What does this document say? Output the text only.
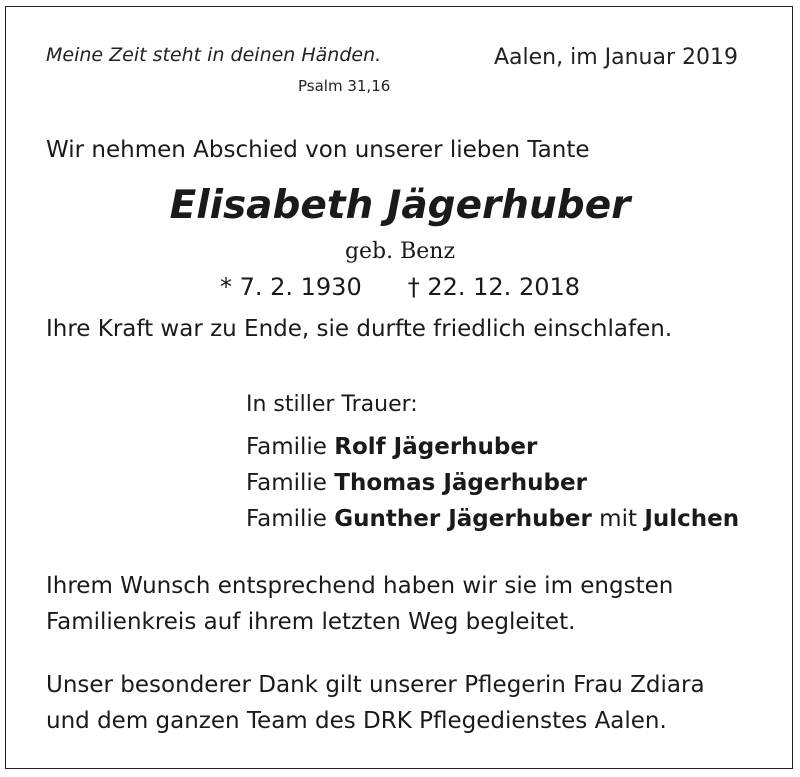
Meine Zeit steht in deinen Händen.
Psalm 31,16
Aalen, im Januar 2019
Wir nehmen Abschied von unserer lieben Tante
Elisabeth Jägerhuber
geb. Benz
* 7. 2. 1930 † 22. 12. 2018
Ihre Kraft war zu Ende, sie durfte friedlich einschlafen.
In stiller Trauer:
Familie Rolf Jägerhuber
Familie Thomas Jägerhuber
Familie Gunther Jägerhuber mit Julchen
Ihrem Wunsch entsprechend haben wir sie im engsten
Familienkreis auf ihrem letzten Weg begleitet.
Unser besonderer Dank gilt unserer Pflegerin Frau Zdiara
und dem ganzen Team des DRK Pflegedienstes Aalen.
